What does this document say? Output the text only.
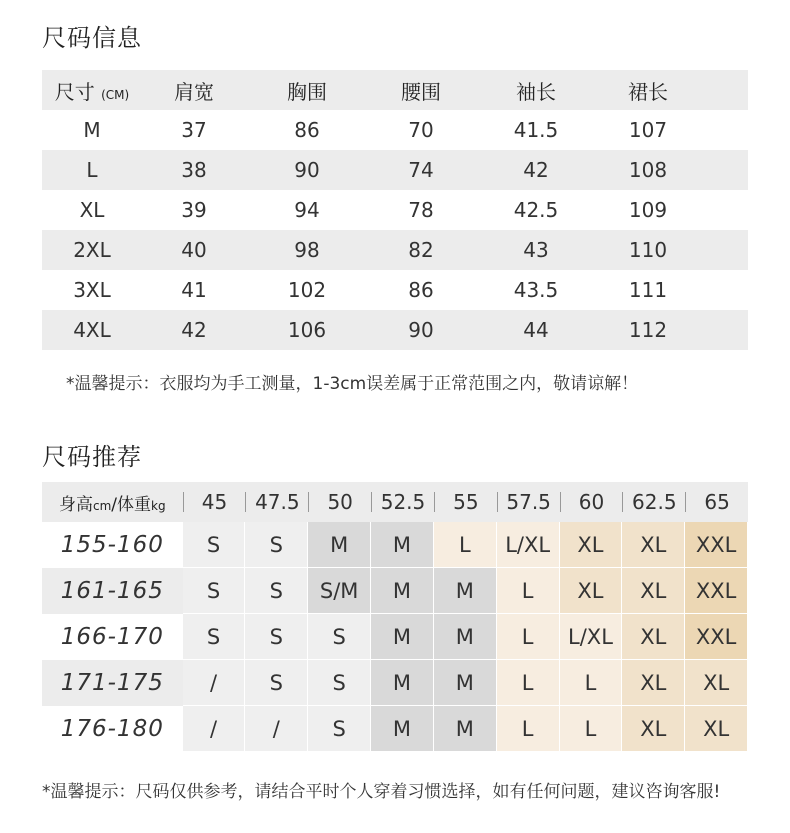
尺码信息
尺寸 (CM)	肩宽	胸围	腰围	袖长	裙长
M	37	86	70	41.5	107
L	38	90	74	42	108
XL	39	94	78	42.5	109
2XL	40	98	82	43	110
3XL	41	102	86	43.5	111
4XL	42	106	90	44	112
*温馨提示：衣服均为手工测量，1-3cm误差属于正常范围之内，敬请谅解！
尺码推荐
身高cm/体重kg	45	47.5	50	52.5	55	57.5	60	62.5	65
155-160	S	S	M	M	L	L/XL	XL	XL	XXL
161-165	S	S	S/M	M	M	L	XL	XL	XXL
166-170	S	S	S	M	M	L	L/XL	XL	XXL
171-175	/	S	S	M	M	L	L	XL	XL
176-180	/	/	S	M	M	L	L	XL	XL
*温馨提示：尺码仅供参考，请结合平时个人穿着习惯选择，如有任何问题，建议咨询客服!
